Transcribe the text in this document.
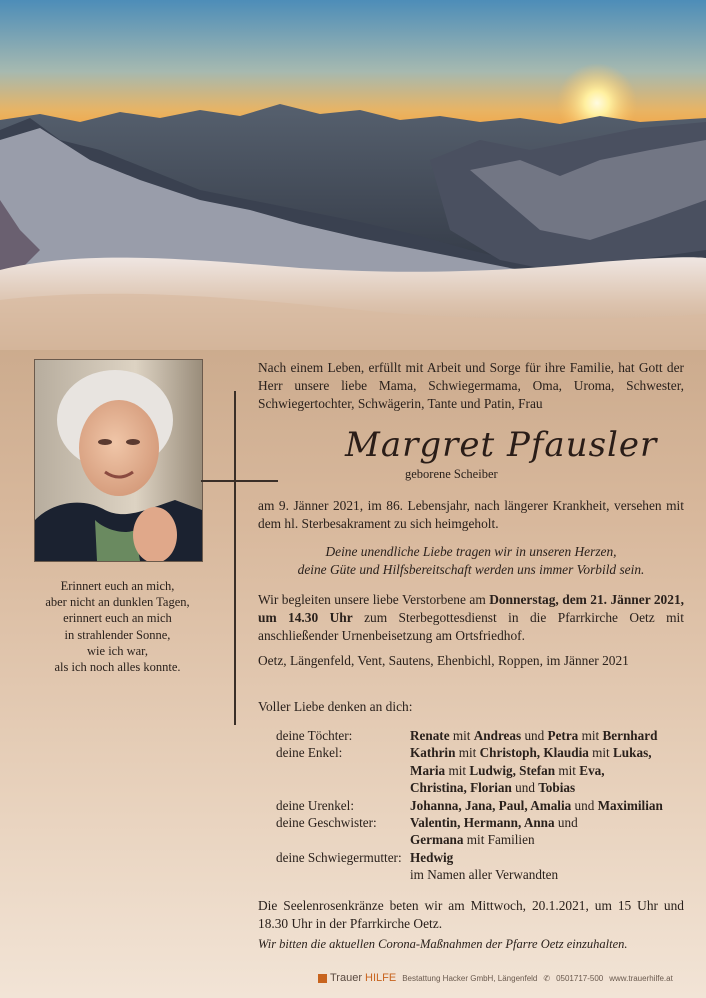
Erinnert euch an mich,
aber nicht an dunklen Tagen,
erinnert euch an mich
in strahlender Sonne,
wie ich war,
als ich noch alles konnte.
Nach einem Leben, erfüllt mit Arbeit und Sorge für ihre Familie, hat Gott der Herr unsere liebe Mama, Schwiegermama, Oma, Uroma, Schwester, Schwiegertochter, Schwägerin, Tante und Patin, Frau
Margret Pfausler
geborene Scheiber
am 9. Jänner 2021, im 86. Lebensjahr, nach längerer Krankheit, versehen mit dem hl. Sterbesakrament zu sich heimgeholt.
Deine unendliche Liebe tragen wir in unseren Herzen,
deine Güte und Hilfsbereitschaft werden uns immer Vorbild sein.
Wir begleiten unsere liebe Verstorbene am Donnerstag, dem 21. Jänner 2021, um 14.30 Uhr zum Sterbegottesdienst in die Pfarrkirche Oetz mit anschließender Urnenbeisetzung am Ortsfriedhof.
Oetz, Längenfeld, Vent, Sautens, Ehenbichl, Roppen, im Jänner 2021
Voller Liebe denken an dich:
deine Töchter:	Renate mit Andreas und Petra mit Bernhard
deine Enkel:	Kathrin mit Christoph, Klaudia mit Lukas,
Maria mit Ludwig, Stefan mit Eva,
Christina, Florian und Tobias
deine Urenkel:	Johanna, Jana, Paul, Amalia und Maximilian
deine Geschwister:	Valentin, Hermann, Anna und
Germana mit Familien
deine Schwiegermutter: Hedwig
im Namen aller Verwandten
Die Seelenrosenkränze beten wir am Mittwoch, 20.1.2021, um 15 Uhr und 18.30 Uhr in der Pfarrkirche Oetz.
Wir bitten die aktuellen Corona-Maßnahmen der Pfarre Oetz einzuhalten.
Trauer HILFE Bestattung Hacker GmbH, Längenfeld ✆ 0501717-500 www.trauerhilfe.at
